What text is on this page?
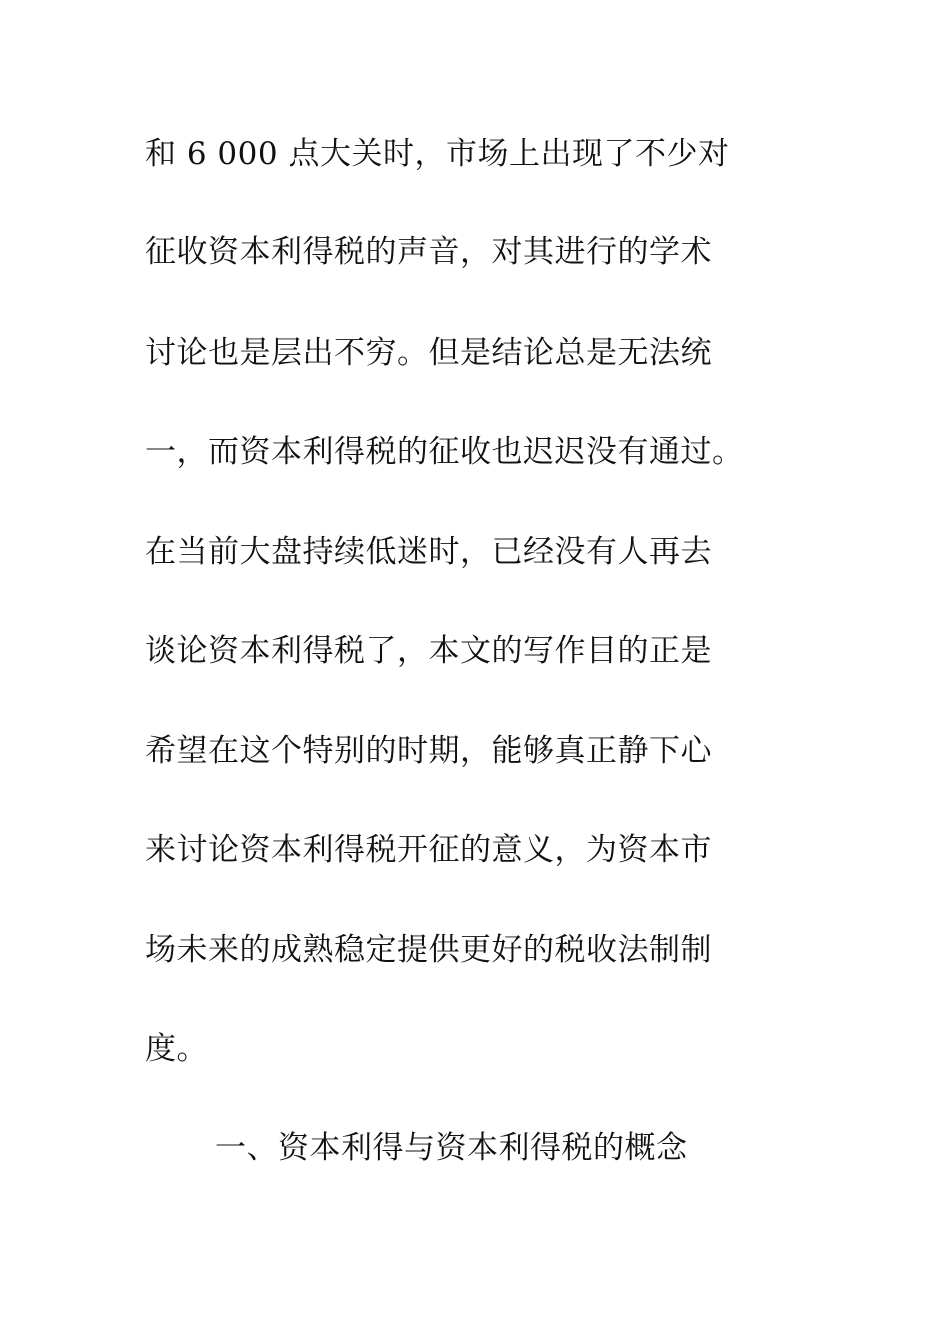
和 6 000 点大关时，市场上出现了不少对
征收资本利得税的声音，对其进行的学术
讨论也是层出不穷。但是结论总是无法统
一，而资本利得税的征收也迟迟没有通过。
在当前大盘持续低迷时，已经没有人再去
谈论资本利得税了，本文的写作目的正是
希望在这个特别的时期，能够真正静下心
来讨论资本利得税开征的意义，为资本市
场未来的成熟稳定提供更好的税收法制制
度。
一、资本利得与资本利得税的概念
